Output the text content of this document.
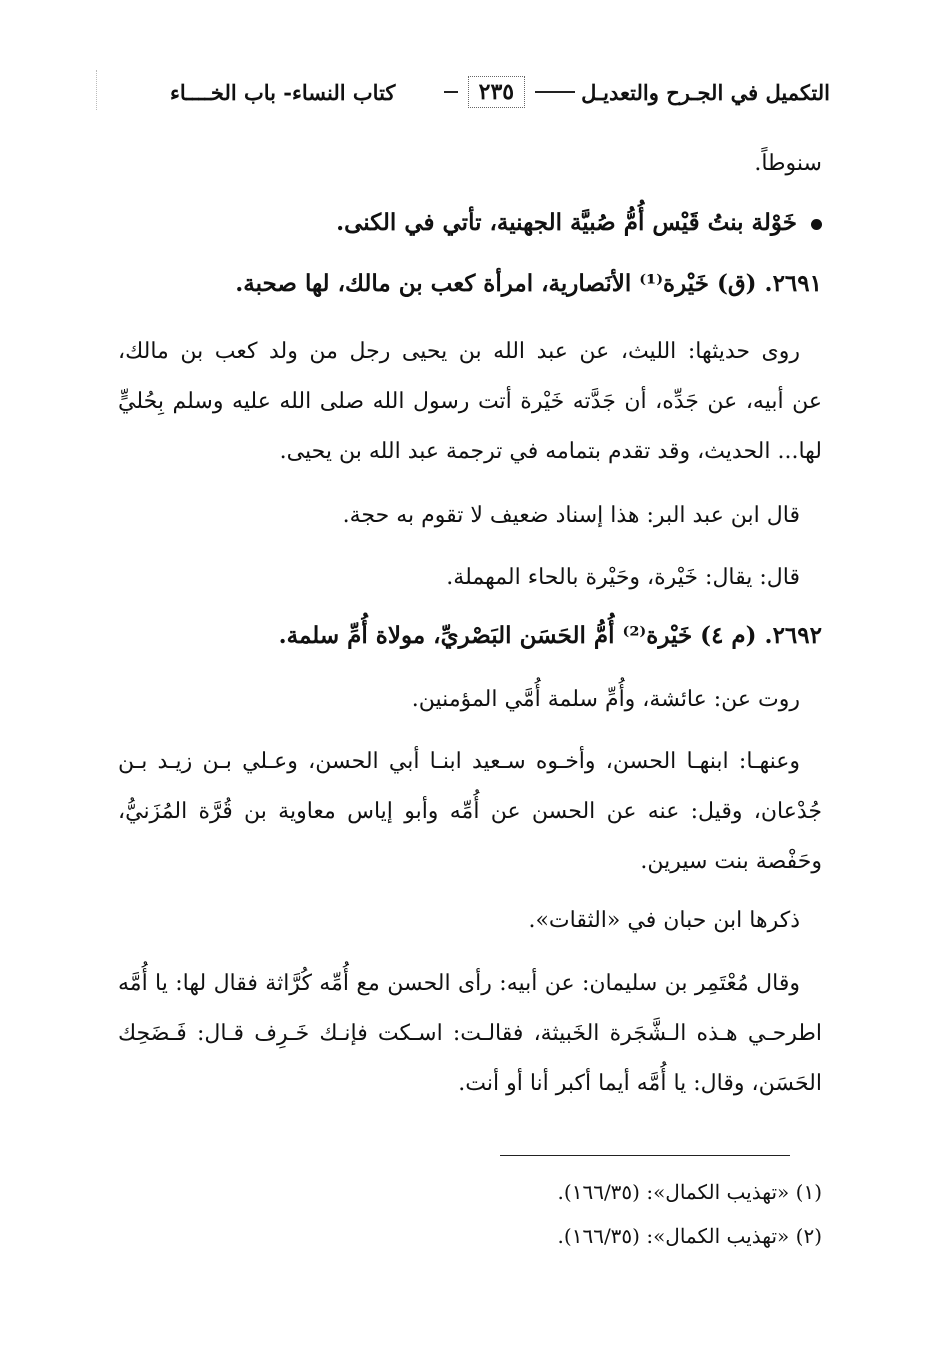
التكميل في الجـرح والتعديـل
٢٣٥
كتاب النساء- باب الخــــاء
سنوطاً.
خَوْلة بنتُ قَيْس أُمُّ صُبيَّة الجهنية، تأتي في الكنى.
٢٦٩١. (ق) خَيْرة⁽¹⁾ الأنَصارية، امرأة كعب بن مالك، لها صحبة.
روى حديثها: الليث، عن عبد الله بن يحيى رجل من ولد كعب بن مالك،
عن أبيه، عن جَدِّه، أن جَدَّته خَيْرة أتت رسول الله صلى الله عليه وسلم بِحُليٍّ
لها... الحديث، وقد تقدم بتمامه في ترجمة عبد الله بن يحيى.
قال ابن عبد البر: هذا إسناد ضعيف لا تقوم به حجة.
قال: يقال: خَيْرة، وحَيْرة بالحاء المهملة.
٢٦٩٢. (م ٤) خَيْرة⁽²⁾ أُمُّ الحَسَن البَصْريِّ، مولاة أُمِّ سلمة.
روت عن: عائشة، وأُمِّ سلمة أُمَّي المؤمنين.
وعنهـا: ابنهـا الحسن، وأخـوه سـعيد ابنـا أبي الحسن، وعـلي بـن زيـد بـن
جُدْعان، وقيل: عنه عن الحسن عن أُمِّه وأبو إياس معاوية بن قُرَّة المُزَنيُّ،
وحَفْصة بنت سيرين.
ذكرها ابن حبان في «الثقات».
وقال مُعْتَمِر بن سليمان: عن أبيه: رأى الحسن مع أُمِّه كُرَّاثة فقال لها: يا أُمَّه
اطرحـي هـذه الـشَّجَرة الخَبيثة، فقالـت: اسـكت فإنـك خَـرِف قـال: فَـضَحِك
الحَسَن، وقال: يا أُمَّه أيما أكبر أنا أو أنت.
(١) «تهذيب الكمال»: (١٦٦/٣٥).
(٢) «تهذيب الكمال»: (١٦٦/٣٥).
